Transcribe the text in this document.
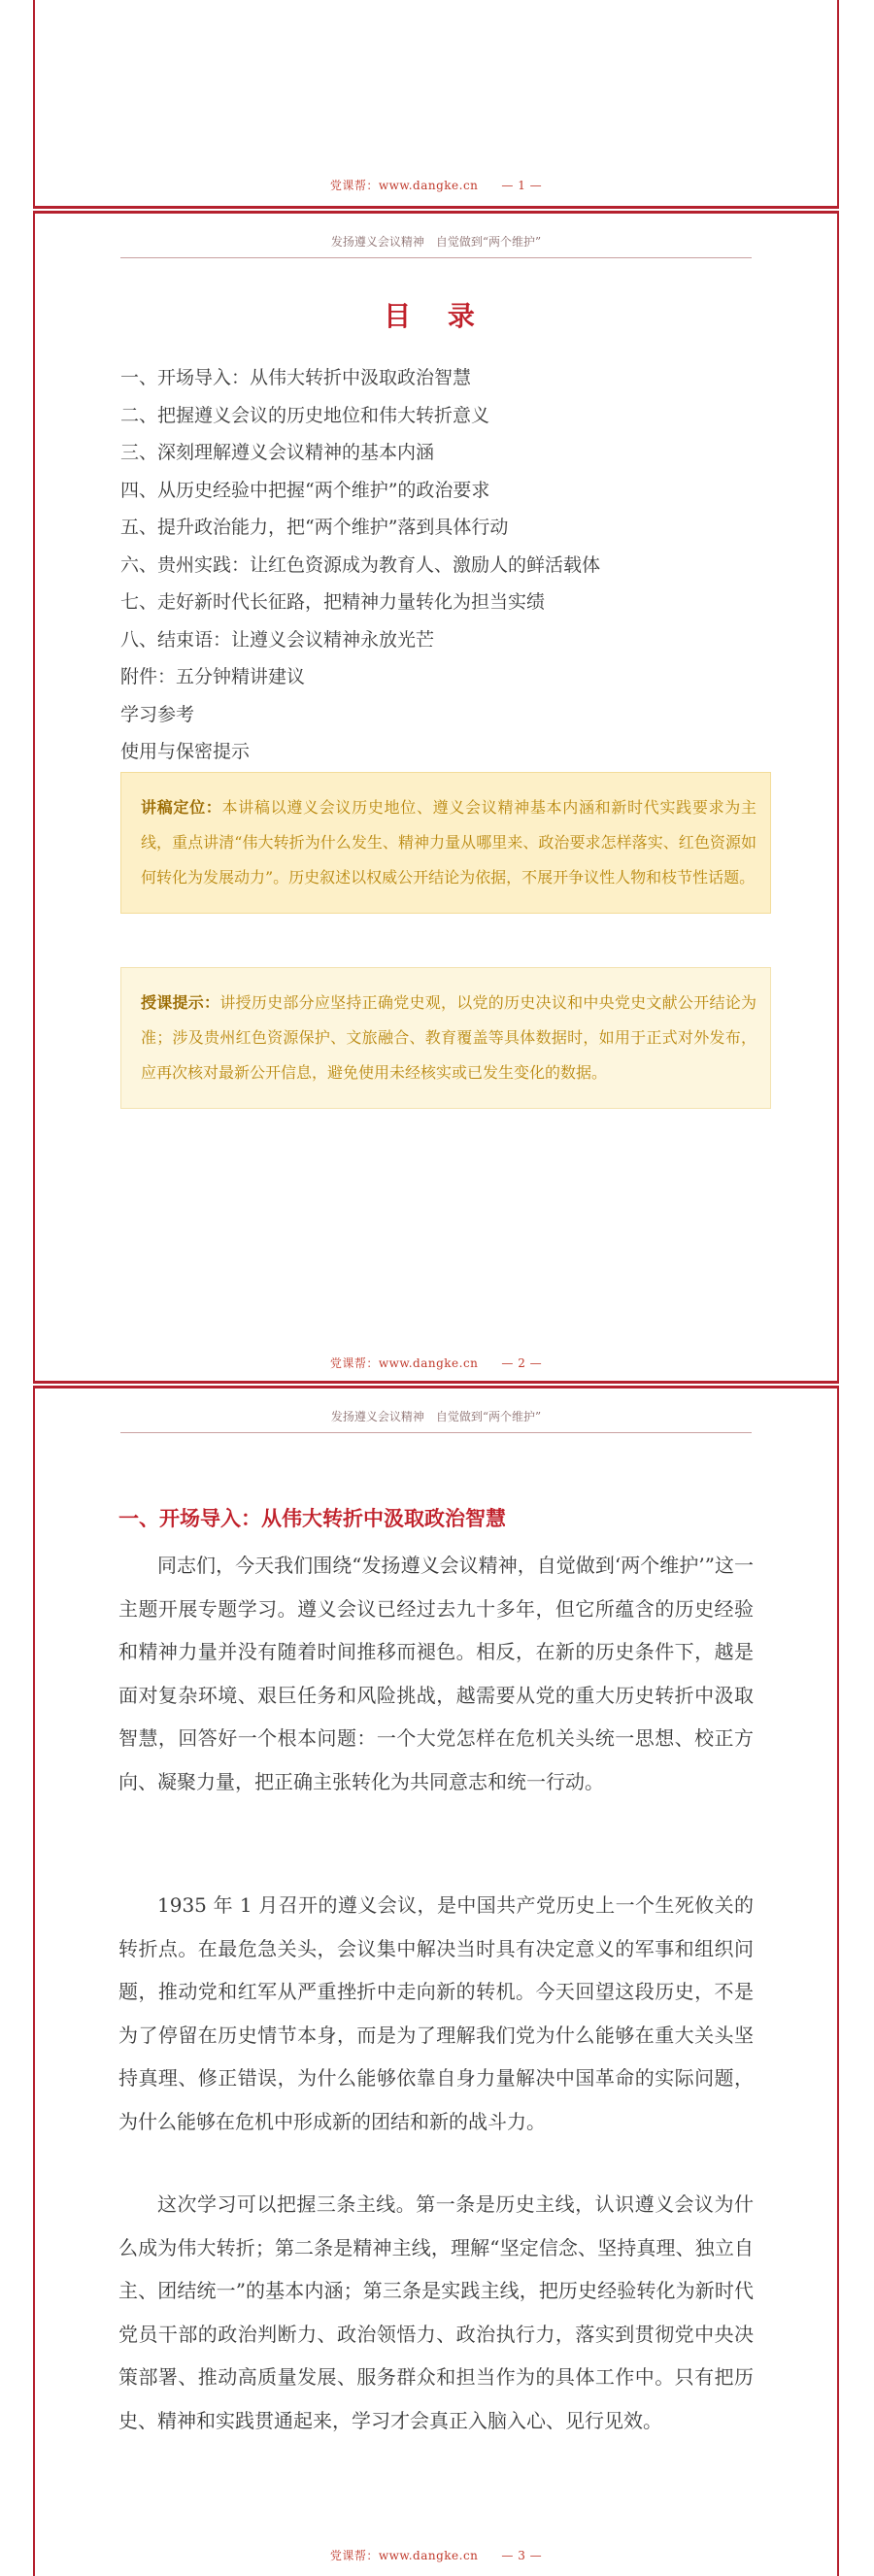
党课帮：www.dangke.cn — 1 —
发扬遵义会议精神　自觉做到“两个维护”
目 录
一、开场导入：从伟大转折中汲取政治智慧
二、把握遵义会议的历史地位和伟大转折意义
三、深刻理解遵义会议精神的基本内涵
四、从历史经验中把握“两个维护”的政治要求
五、提升政治能力，把“两个维护”落到具体行动
六、贵州实践：让红色资源成为教育人、激励人的鲜活载体
七、走好新时代长征路，把精神力量转化为担当实绩
八、结束语：让遵义会议精神永放光芒
附件：五分钟精讲建议
学习参考
使用与保密提示
讲稿定位：本讲稿以遵义会议历史地位、遵义会议精神基本内涵和新时代实践要求为主线，重点讲清“伟大转折为什么发生、精神力量从哪里来、政治要求怎样落实、红色资源如何转化为发展动力”。历史叙述以权威公开结论为依据，不展开争议性人物和枝节性话题。
授课提示：讲授历史部分应坚持正确党史观，以党的历史决议和中央党史文献公开结论为准；涉及贵州红色资源保护、文旅融合、教育覆盖等具体数据时，如用于正式对外发布，应再次核对最新公开信息，避免使用未经核实或已发生变化的数据。
党课帮：www.dangke.cn — 2 —
发扬遵义会议精神　自觉做到“两个维护”
一、开场导入：从伟大转折中汲取政治智慧

同志们，今天我们围绕“发扬遵义会议精神，自觉做到‘两个维护’”这一主题开展专题学习。遵义会议已经过去九十多年，但它所蕴含的历史经验和精神力量并没有随着时间推移而褪色。相反，在新的历史条件下，越是面对复杂环境、艰巨任务和风险挑战，越需要从党的重大历史转折中汲取智慧，回答好一个根本问题：一个大党怎样在危机关头统一思想、校正方向、凝聚力量，把正确主张转化为共同意志和统一行动。

1935 年 1 月召开的遵义会议，是中国共产党历史上一个生死攸关的转折点。在最危急关头，会议集中解决当时具有决定意义的军事和组织问题，推动党和红军从严重挫折中走向新的转机。今天回望这段历史，不是为了停留在历史情节本身，而是为了理解我们党为什么能够在重大关头坚持真理、修正错误，为什么能够依靠自身力量解决中国革命的实际问题，为什么能够在危机中形成新的团结和新的战斗力。

这次学习可以把握三条主线。第一条是历史主线，认识遵义会议为什么成为伟大转折；第二条是精神主线，理解“坚定信念、坚持真理、独立自主、团结统一”的基本内涵；第三条是实践主线，把历史经验转化为新时代党员干部的政治判断力、政治领悟力、政治执行力，落实到贯彻党中央决策部署、推动高质量发展、服务群众和担当作为的具体工作中。只有把历史、精神和实践贯通起来，学习才会真正入脑入心、见行见效。

党课帮：www.dangke.cn — 3 —
